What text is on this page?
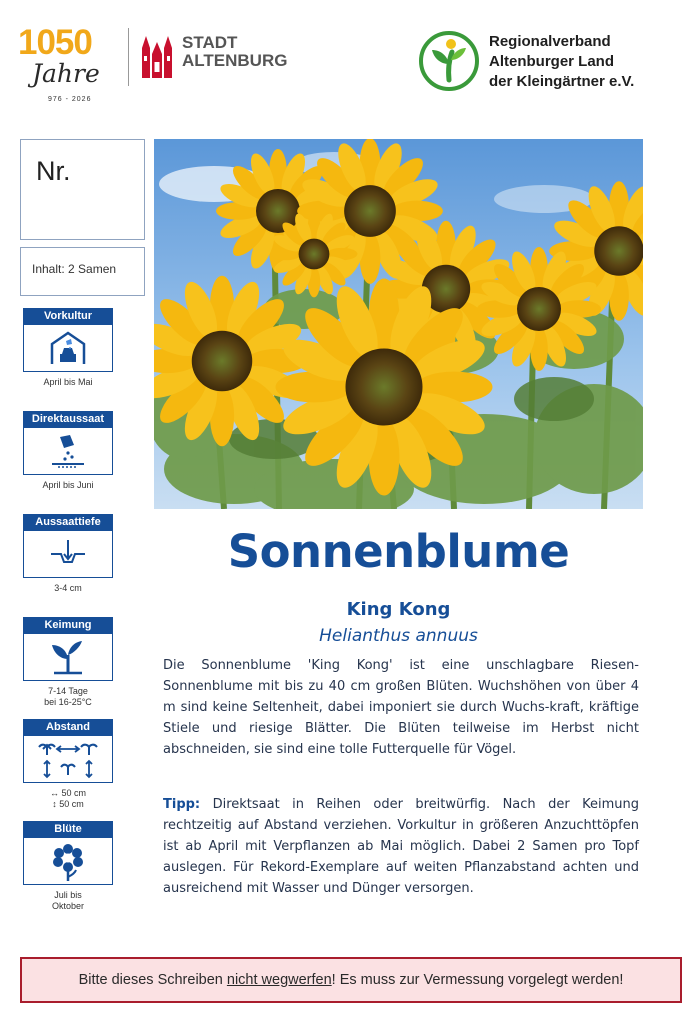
1050
Jahre
976 - 2026
STADT
ALTENBURG
Regionalverband
Altenburger Land
der Kleingärtner e.V.
Nr.
Inhalt: 2 Samen
Vorkultur
April bis Mai
Direktaussaat
April bis Juni
Aussaattiefe
3-4 cm
Keimung
7-14 Tage
bei 16-25°C
Abstand
↔ 50 cm
↕ 50 cm
Blüte
Juli bis
Oktober
Sonnenblume
King Kong
Helianthus annuus
Die Sonnenblume 'King Kong' ist eine unschlagbare Riesen-Sonnenblume mit bis zu 40 cm großen Blüten. Wuchshöhen von über 4 m sind keine Seltenheit, dabei imponiert sie durch Wuchs-kraft, kräftige Stiele und riesige Blätter. Die Blüten teilweise im Herbst nicht abschneiden, sie sind eine tolle Futterquelle für Vögel.
Tipp: Direktsaat in Reihen oder breitwürfig. Nach der Keimung rechtzeitig auf Abstand verziehen. Vorkultur in größeren Anzuchttöpfen ist ab April mit Verpflanzen ab Mai möglich. Dabei 2 Samen pro Topf auslegen. Für Rekord-Exemplare auf weiten Pflanzabstand achten und ausreichend mit Wasser und Dünger versorgen.
Bitte dieses Schreiben nicht wegwerfen! Es muss zur Vermessung vorgelegt werden!
